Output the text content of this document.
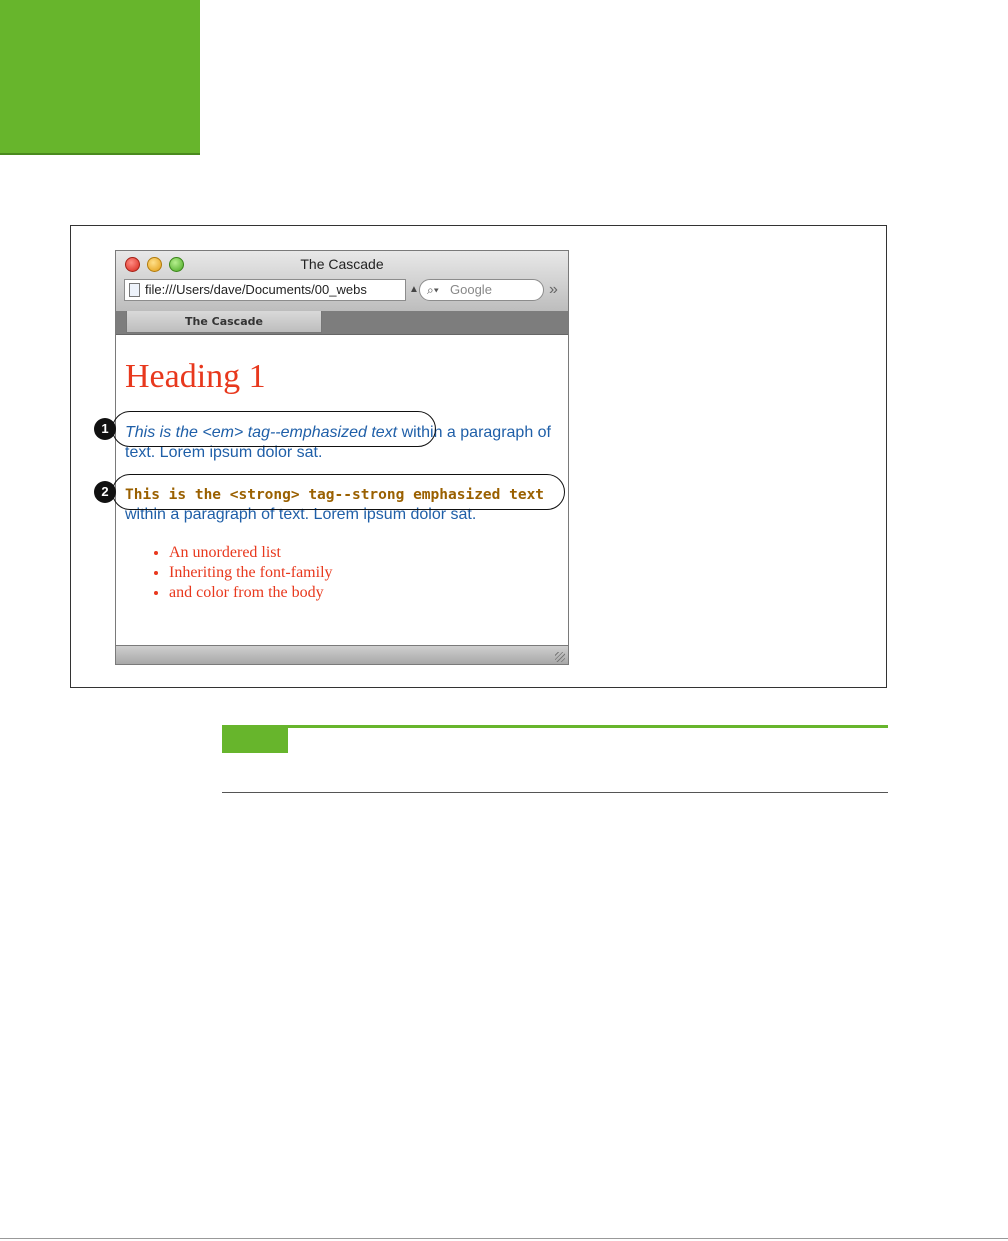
The Cascade
file:///Users/dave/Documents/00_webs	▲ ⌕▾ Google	»
The Cascade
Heading 1
This is the <em> tag--emphasized text within a paragraph of text. Lorem ipsum dolor sat.
This is the <strong> tag--strong emphasized text within a paragraph of text. Lorem ipsum dolor sat.
• An unordered list
• Inheriting the font-family
• and color from the body
1
2
